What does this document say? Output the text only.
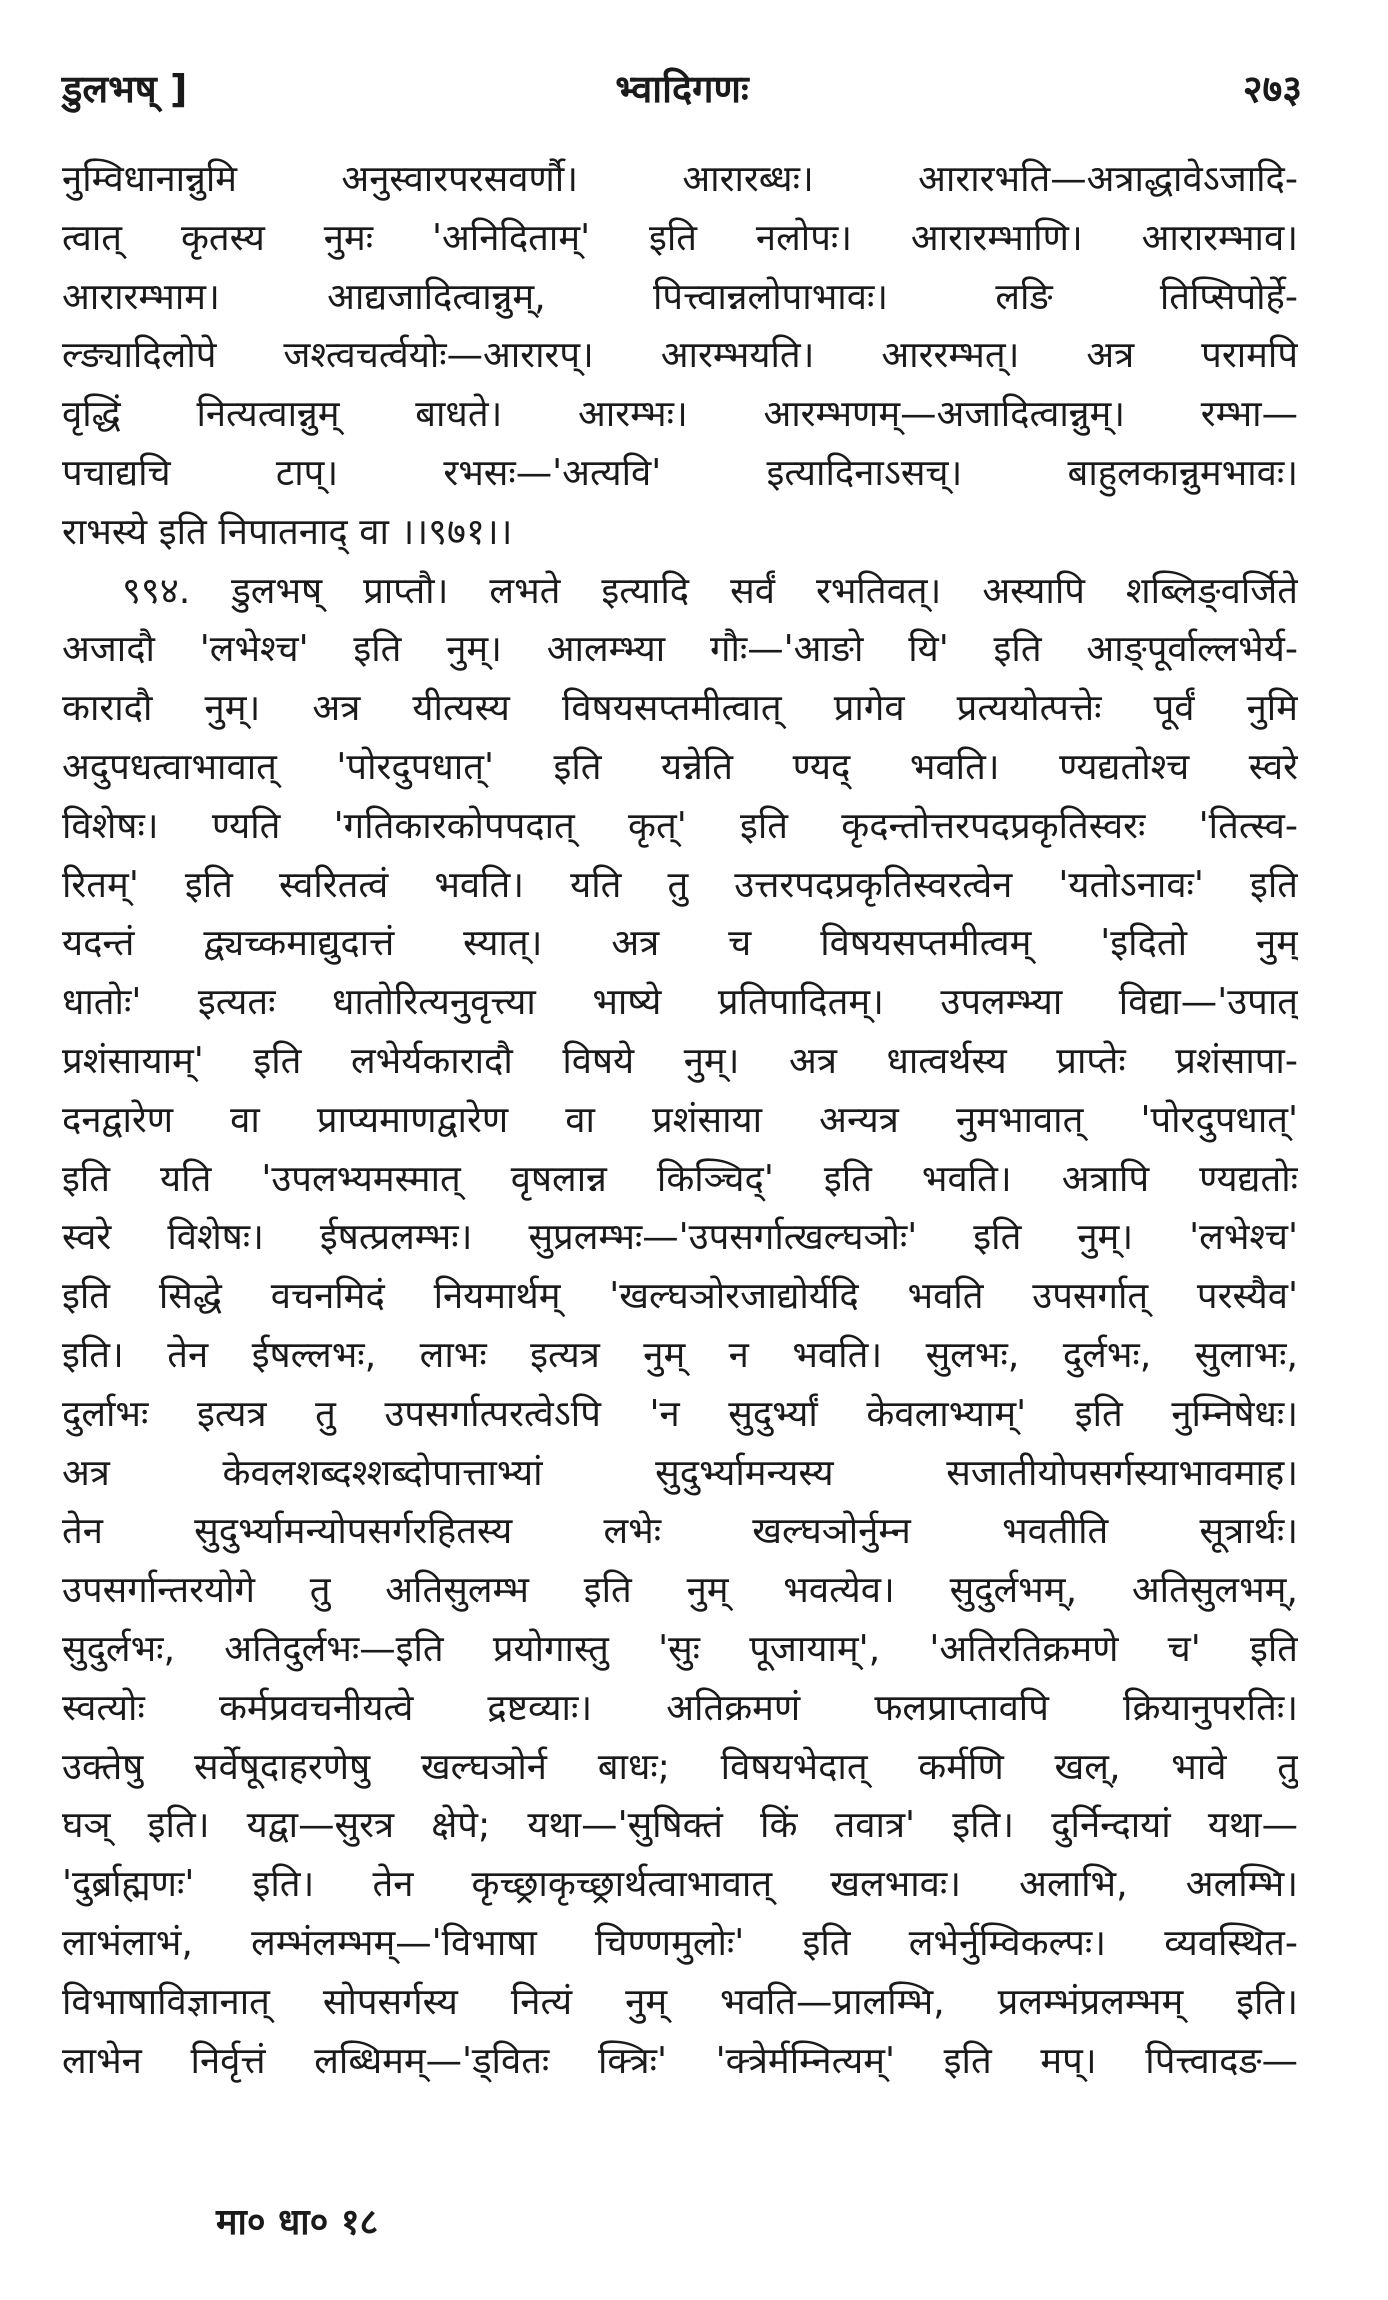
डुलभष् ]	भ्वादिगणः	२७३
नुम्विधानान्नुमि अनुस्वारपरसवर्णौ। आरारब्धः। आरारभति—अत्राद्धावेऽजादि-
त्वात् कृतस्य नुमः 'अनिदिताम्' इति नलोपः। आरारम्भाणि। आरारम्भाव।
आरारम्भाम। आद्यजादित्वान्नुम्, पित्त्वान्नलोपाभावः। लङि तिप्सिपोर्हे-
ल्ङ्यादिलोपे जश्त्वचर्त्वयोः—आरारप्। आरम्भयति। आररम्भत्। अत्र परामपि
वृद्धिं नित्यत्वान्नुम् बाधते। आरम्भः। आरम्भणम्—अजादित्वान्नुम्। रम्भा—
पचाद्यचि टाप्। रभसः—'अत्यवि' इत्यादिनाऽसच्। बाहुलकान्नुमभावः।
राभस्ये इति निपातनाद् वा ।।९७१।।
९९४. डुलभष् प्राप्तौ। लभते इत्यादि सर्वं रभतिवत्। अस्यापि शब्लिङ्वर्जिते
अजादौ 'लभेश्च' इति नुम्। आलम्भ्या गौः—'आङो यि' इति आङ्पूर्वाल्लभेर्य-
कारादौ नुम्। अत्र यीत्यस्य विषयसप्तमीत्वात् प्रागेव प्रत्ययोत्पत्तेः पूर्वं नुमि
अदुपधत्वाभावात् 'पोरदुपधात्' इति यन्नेति ण्यद् भवति। ण्यद्यतोश्च स्वरे
विशेषः। ण्यति 'गतिकारकोपपदात् कृत्' इति कृदन्तोत्तरपदप्रकृतिस्वरः 'तित्स्व-
रितम्' इति स्वरितत्वं भवति। यति तु उत्तरपदप्रकृतिस्वरत्वेन 'यतोऽनावः' इति
यदन्तं द्व्यच्कमाद्युदात्तं स्यात्। अत्र च विषयसप्तमीत्वम् 'इदितो नुम्
धातोः' इत्यतः धातोरित्यनुवृत्त्या भाष्ये प्रतिपादितम्। उपलम्भ्या विद्या—'उपात्
प्रशंसायाम्' इति लभेर्यकारादौ विषये नुम्। अत्र धात्वर्थस्य प्राप्तेः प्रशंसापा-
दनद्वारेण वा प्राप्यमाणद्वारेण वा प्रशंसाया अन्यत्र नुमभावात् 'पोरदुपधात्'
इति यति 'उपलभ्यमस्मात् वृषलान्न किञ्चिद्' इति भवति। अत्रापि ण्यद्यतोः
स्वरे विशेषः। ईषत्प्रलम्भः। सुप्रलम्भः—'उपसर्गात्खल्घञोः' इति नुम्। 'लभेश्च'
इति सिद्धे वचनमिदं नियमार्थम् 'खल्घञोरजाद्योर्यदि भवति उपसर्गात् परस्यैव'
इति। तेन ईषल्लभः, लाभः इत्यत्र नुम् न भवति। सुलभः, दुर्लभः, सुलाभः,
दुर्लाभः इत्यत्र तु उपसर्गात्परत्वेऽपि 'न सुदुर्भ्यां केवलाभ्याम्' इति नुम्निषेधः।
अत्र केवलशब्दश्शब्दोपात्ताभ्यां सुदुर्भ्यामन्यस्य सजातीयोपसर्गस्याभावमाह।
तेन सुदुर्भ्यामन्योपसर्गरहितस्य लभेः खल्घञोर्नुम्न भवतीति सूत्रार्थः।
उपसर्गान्तरयोगे तु अतिसुलम्भ इति नुम् भवत्येव। सुदुर्लभम्, अतिसुलभम्,
सुदुर्लभः, अतिदुर्लभः—इति प्रयोगास्तु 'सुः पूजायाम्', 'अतिरतिक्रमणे च' इति
स्वत्योः कर्मप्रवचनीयत्वे द्रष्टव्याः। अतिक्रमणं फलप्राप्तावपि क्रियानुपरतिः।
उक्तेषु सर्वेषूदाहरणेषु खल्घञोर्न बाधः; विषयभेदात् कर्मणि खल्, भावे तु
घञ् इति। यद्वा—सुरत्र क्षेपे; यथा—'सुषिक्तं किं तवात्र' इति। दुर्निन्दायां यथा—
'दुर्ब्राह्मणः' इति। तेन कृच्छ्राकृच्छ्रार्थत्वाभावात् खलभावः। अलाभि, अलम्भि।
लाभंलाभं, लम्भंलम्भम्—'विभाषा चिण्णमुलोः' इति लभेर्नुम्विकल्पः। व्यवस्थित-
विभाषाविज्ञानात् सोपसर्गस्य नित्यं नुम् भवति—प्रालम्भि, प्रलम्भंप्रलम्भम् इति।
लाभेन निर्वृत्तं लब्धिमम्—'ड्वितः क्त्रिः' 'क्त्रेर्मम्नित्यम्' इति मप्। पित्त्वादङ—
मा० धा० १८
